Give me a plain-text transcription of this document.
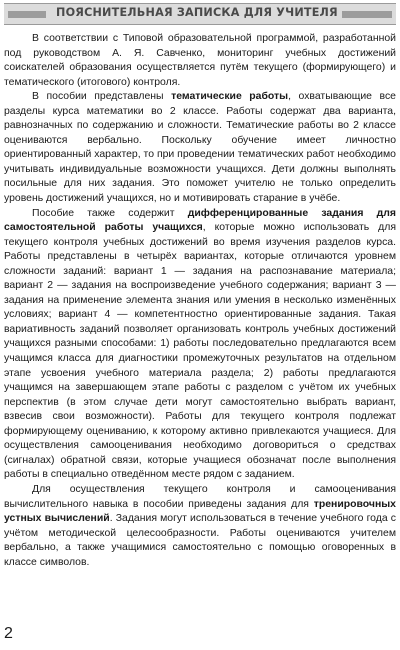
ПОЯСНИТЕЛЬНАЯ ЗАПИСКА ДЛЯ УЧИТЕЛЯ

В соответствии с Типовой образовательной программой, разработанной под руководством А. Я. Савченко, мониторинг учебных достижений соискателей образования осуществляется путём текущего (формирующего) и тематического (итогового) контроля.

В пособии представлены тематические работы, охватывающие все разделы курса математики во 2 классе. Работы содержат два варианта, равнозначных по содержанию и сложности. Тематические работы во 2 классе оцениваются вербально. Поскольку обучение имеет личностно ориентированный характер, то при проведении тематических работ необходимо учитывать индивидуальные возможности учащихся. Дети должны выполнять посильные для них задания. Это поможет учителю не только определить уровень достижений учащихся, но и мотивировать старание в учёбе.

Пособие также содержит дифференцированные задания для самостоятельной работы учащихся, которые можно использовать для текущего контроля учебных достижений во время изучения разделов курса. Работы представлены в четырёх вариантах, которые отличаются уровнем сложности заданий: вариант 1 — задания на распознавание материала; вариант 2 — задания на воспроизведение учебного содержания; вариант 3 — задания на применение элемента знания или умения в несколько изменённых условиях; вариант 4 — компетентностно ориентированные задания. Такая вариативность заданий позволяет организовать контроль учебных достижений учащихся разными способами: 1) работы последовательно предлагаются всем учащимся класса для диагностики промежуточных результатов на отдельном этапе усвоения учебного материала раздела; 2) работы предлагаются учащимся на завершающем этапе работы с разделом с учётом их учебных перспектив (в этом случае дети могут самостоятельно выбрать вариант, взвесив свои возможности). Работы для текущего контроля подлежат формирующему оцениванию, к которому активно привлекаются учащиеся. Для осуществления самооценивания необходимо договориться о средствах (сигналах) обратной связи, которые учащиеся обозначат после выполнения работы в специально отведённом месте рядом с заданием.

Для осуществления текущего контроля и самооценивания вычислительного навыка в пособии приведены задания для тренировочных устных вычислений. Задания могут использоваться в течение учебного года с учётом методической целесообразности. Работы оцениваются учителем вербально, а также учащимися самостоятельно с помощью оговоренных в классе символов.

2
